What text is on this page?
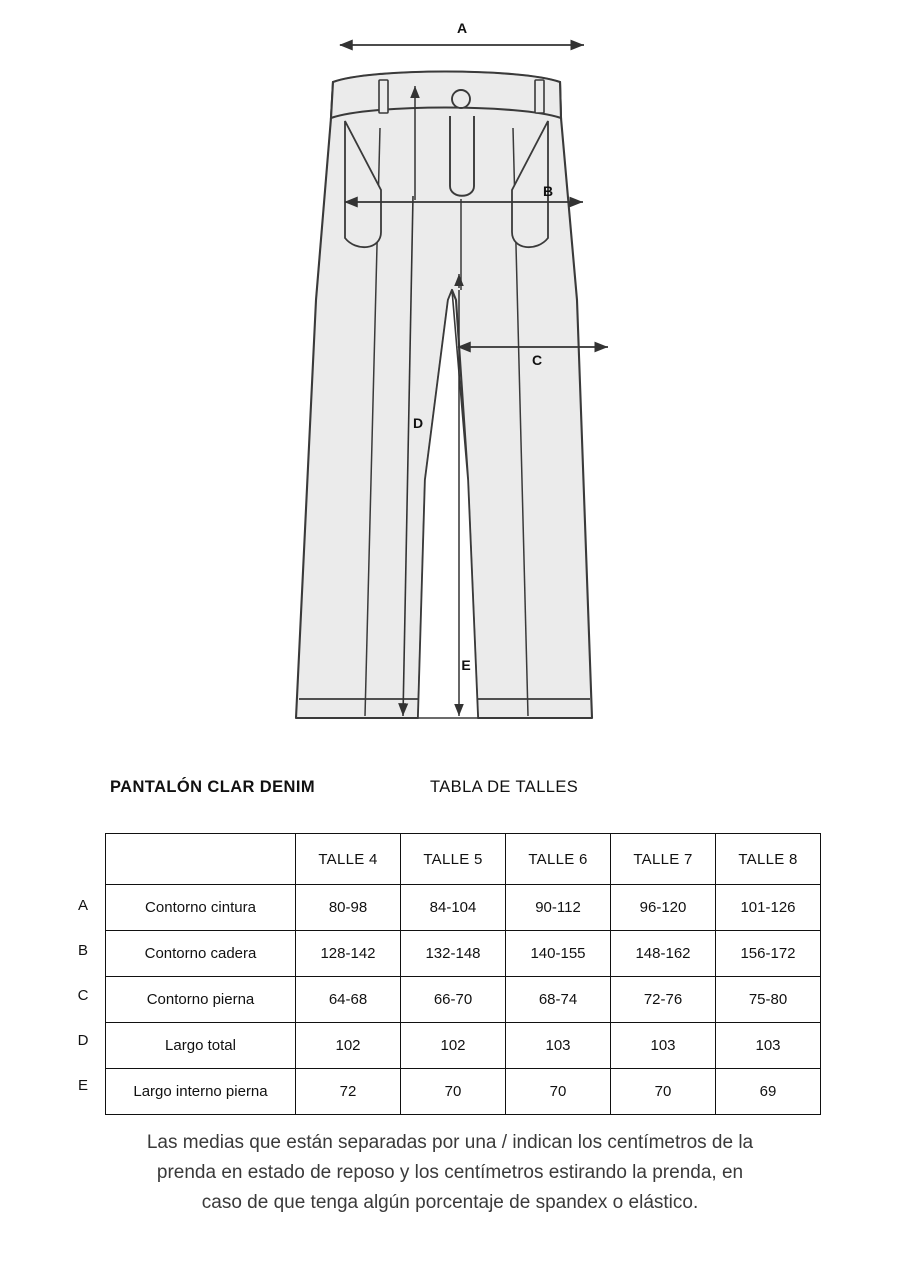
A
B
C
D
E
PANTALÓN CLAR DENIM	TABLA DE TALLES
A
B
C
D
E
	TALLE 4	TALLE 5	TALLE 6	TALLE 7	TALLE 8
Contorno cintura	80-98	84-104	90-112	96-120	101-126
Contorno cadera	128-142	132-148	140-155	148-162	156-172
Contorno pierna	64-68	66-70	68-74	72-76	75-80
Largo total	102	102	103	103	103
Largo interno pierna	72	70	70	70	69
Las medias que están separadas por una / indican los centímetros de la
prenda en estado de reposo y los centímetros estirando la prenda, en
caso de que tenga algún porcentaje de spandex o elástico.
